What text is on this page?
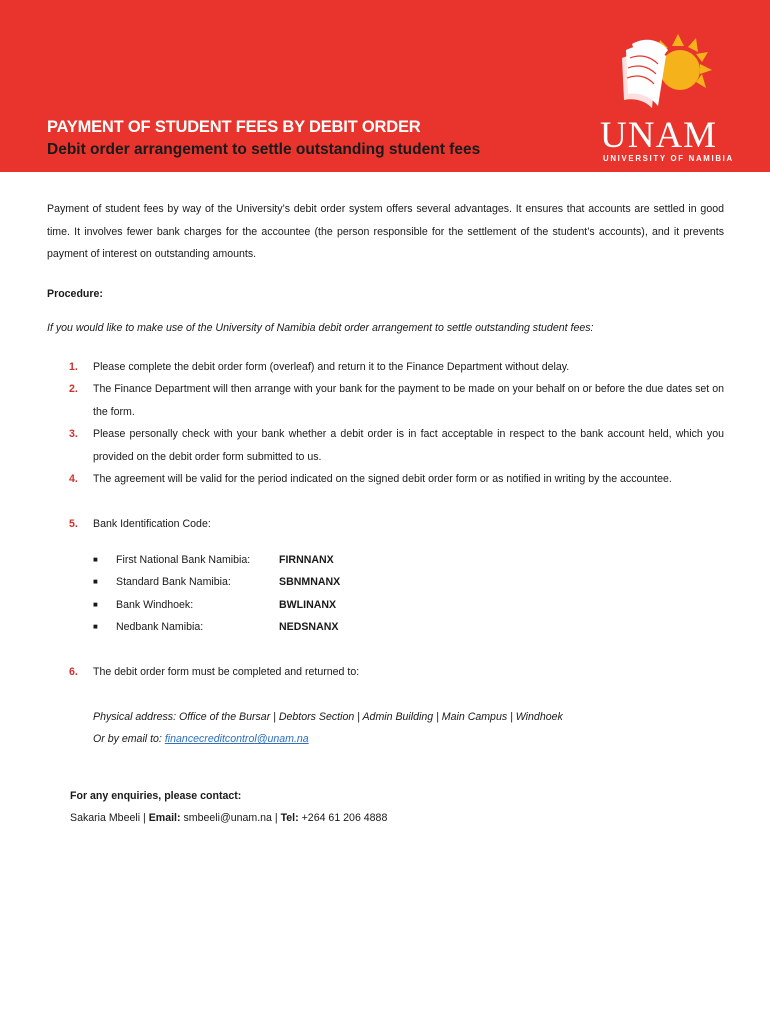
PAYMENT OF STUDENT FEES BY DEBIT ORDER
Debit order arrangement to settle outstanding student fees	UNAM
UNIVERSITY OF NAMIBIA

Payment of student fees by way of the University’s debit order system offers several advantages. It ensures that accounts are settled in good time. It involves fewer bank charges for the accountee (the person responsible for the settlement of the student’s accounts), and it prevents payment of interest on outstanding amounts.

Procedure:

If you would like to make use of the University of Namibia debit order arrangement to settle outstanding student fees:

1. Please complete the debit order form (overleaf) and return it to the Finance Department without delay.
2. The Finance Department will then arrange with your bank for the payment to be made on your behalf on or before the due dates set on the form.
3. Please personally check with your bank whether a debit order is in fact acceptable in respect to the bank account held, which you provided on the debit order form submitted to us.
4. The agreement will be valid for the period indicated on the signed debit order form or as notified in writing by the accountee.
5. Bank Identification Code:
■ First National Bank Namibia:	FIRNNANX
■ Standard Bank Namibia:	SBNMNANX
■ Bank Windhoek:	BWLINANX
■ Nedbank Namibia:	NEDSNANX
6. The debit order form must be completed and returned to:
Physical address: Office of the Bursar | Debtors Section | Admin Building | Main Campus | Windhoek
Or by email to: financecreditcontrol@unam.na
For any enquiries, please contact:
Sakaria Mbeeli | Email: smbeeli@unam.na | Tel: +264 61 206 4888
